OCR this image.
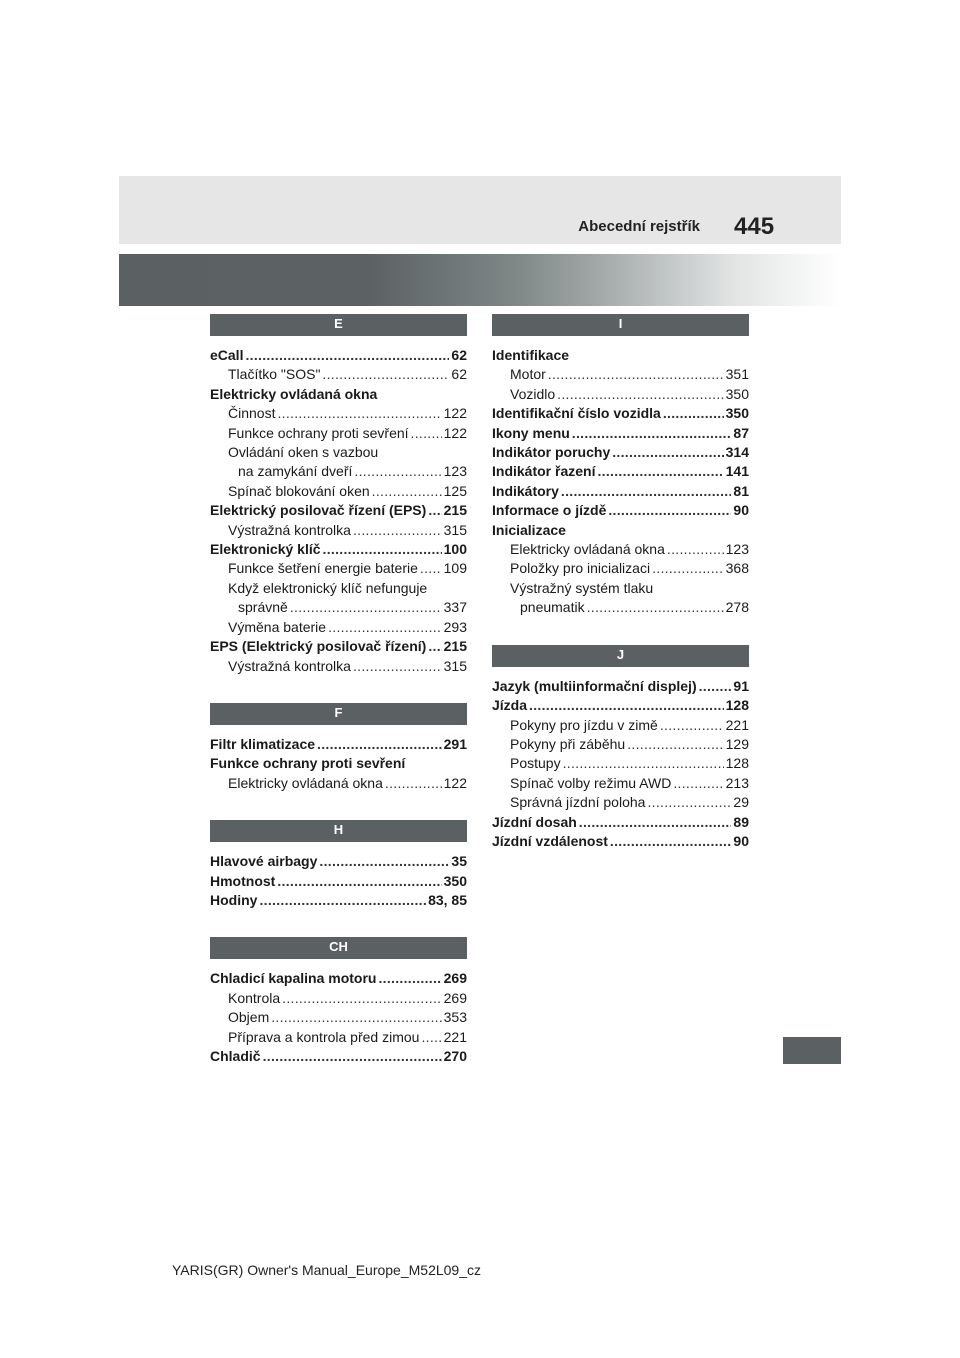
Abecední rejstřík 445
E
eCall .....	62
Tlačítko "SOS" .....	62
Elektricky ovládaná okna
Činnost .....	122
Funkce ochrany proti sevření .....	122
Ovládání oken s vazbou
na zamykání dveří .....	123
Spínač blokování oken .....	125
Elektrický posilovač řízení (EPS) ..... 215
Výstražná kontrolka .....	315
Elektronický klíč .....	100
Funkce šetření energie baterie ..... 109
Když elektronický klíč nefunguje
správně .....	337
Výměna baterie .....	293
EPS (Elektrický posilovač řízení) ..... 215
Výstražná kontrolka .....	315
F
Filtr klimatizace .....	291
Funkce ochrany proti sevření
Elektricky ovládaná okna .....	122
H
Hlavové airbagy .....	35
Hmotnost .....	350
Hodiny .....	83, 85
CH
Chladicí kapalina motoru .....	269
Kontrola .....	269
Objem .....	353
Příprava a kontrola před zimou ..... 221
Chladič .....	270
I
Identifikace
Motor .....	351
Vozidlo .....	350
Identifikační číslo vozidla .....	350
Ikony menu .....	87
Indikátor poruchy .....	314
Indikátor řazení .....	141
Indikátory .....	81
Informace o jízdě .....	90
Inicializace
Elektricky ovládaná okna .....	123
Položky pro inicializaci .....	368
Výstražný systém tlaku
pneumatik .....	278
J
Jazyk (multiinformační displej) .....	91
Jízda .....	128
Pokyny pro jízdu v zimě .....	221
Pokyny při záběhu .....	129
Postupy .....	128
Spínač volby režimu AWD .....	213
Správná jízdní poloha .....	29
Jízdní dosah .....	89
Jízdní vzdálenost .....	90
YARIS(GR) Owner's Manual_Europe_M52L09_cz
